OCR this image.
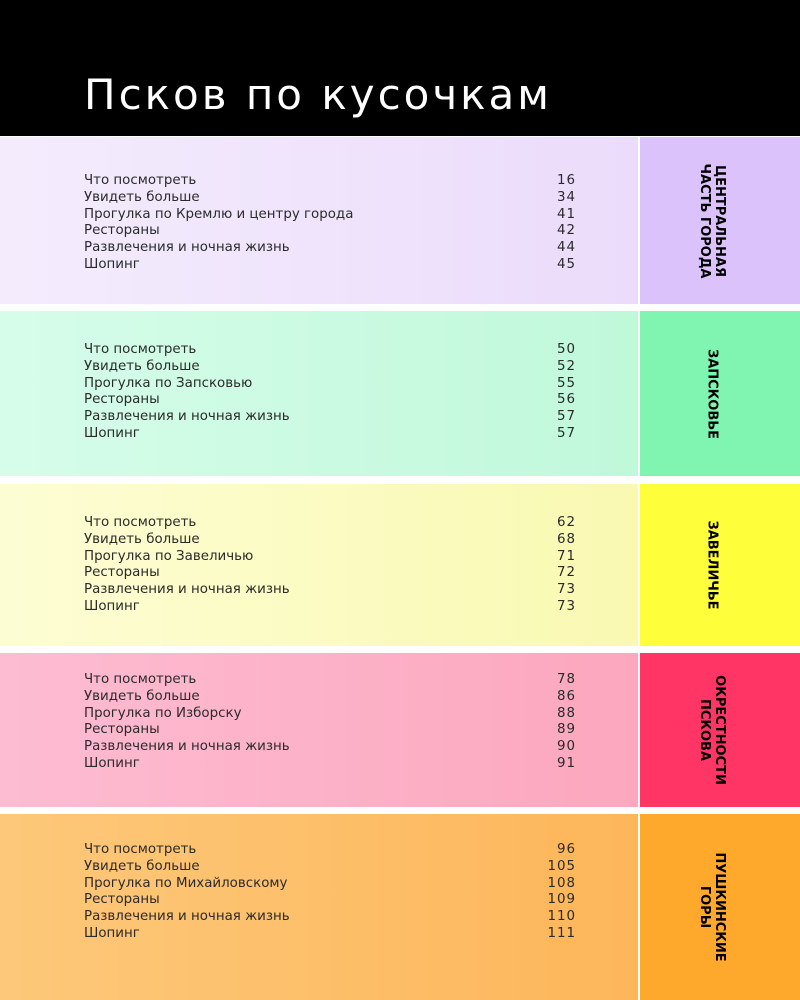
Псков по кусочкам
Что посмотреть	16
Увидеть больше	34
Прогулка по Кремлю и центру города	41
Рестораны	42
Развлечения и ночная жизнь	44
Шопинг	45	ЦЕНТРАЛЬНАЯ
ЧАСТЬ ГОРОДА
Что посмотреть	50
Увидеть больше	52
Прогулка по Запсковью	55
Рестораны	56
Развлечения и ночная жизнь	57
Шопинг	57	ЗАПСКОВЬЕ
Что посмотреть	62
Увидеть больше	68
Прогулка по Завеличью	71
Рестораны	72
Развлечения и ночная жизнь	73
Шопинг	73	ЗАВЕЛИЧЬЕ
Что посмотреть	78
Увидеть больше	86
Прогулка по Изборску	88
Рестораны	89
Развлечения и ночная жизнь	90
Шопинг	91	ОКРЕСТНОСТИ
ПСКОВА
Что посмотреть	96
Увидеть больше	105
Прогулка по Михайловскому	108
Рестораны	109
Развлечения и ночная жизнь	110
Шопинг	111	ПУШКИНСКИЕ
ГОРЫ
